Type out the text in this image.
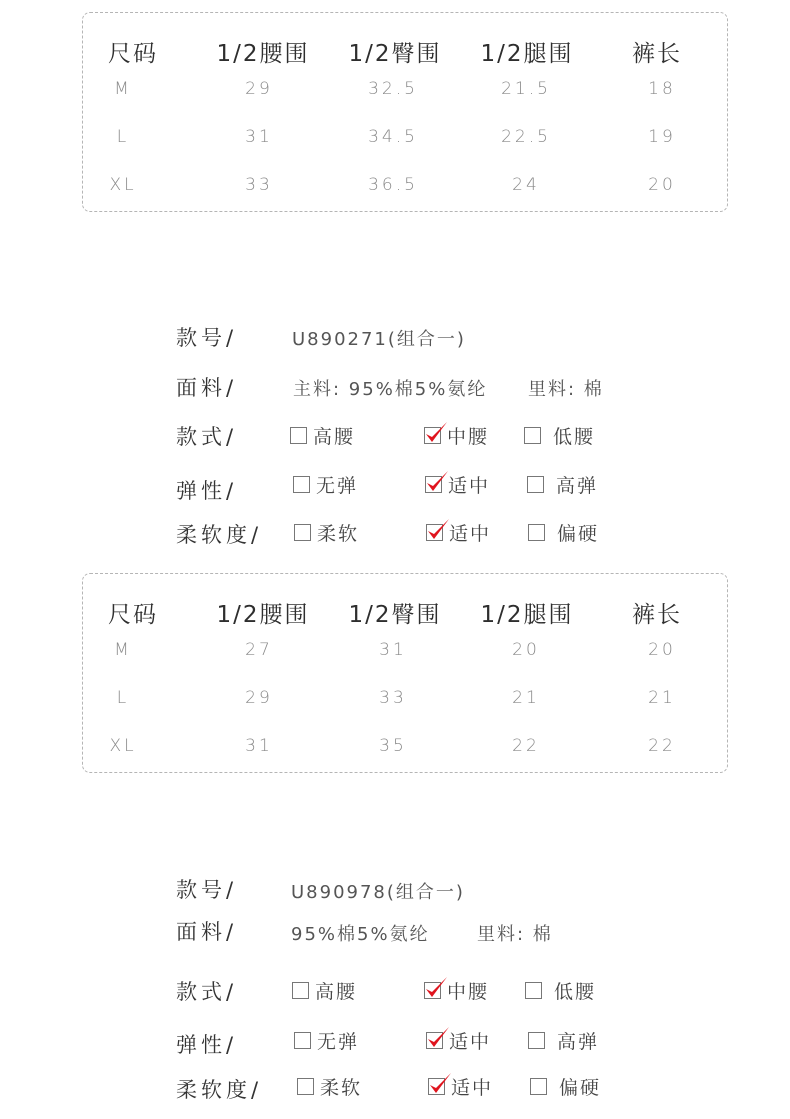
尺码	1/2腰围 1/2臀围 1/2腿围	裤长
M	29	32.5	21.5	18
L	31	34.5	22.5	19
XL	33	36.5	24	20
款号/	U890271(组合一)
面料/	主料: 95%棉5%氨纶 里料: 棉
款式/	高腰	中腰	低腰
弹性/	无弹	适中	高弹
柔软度/	柔软	适中	偏硬
尺码	1/2腰围 1/2臀围 1/2腿围	裤长
M	27	31	20	20
L	29	33	21	21
XL	31	35	22	22
款号/	U890978(组合一)
面料/	95%棉5%氨纶	里料: 棉
款式/	高腰	中腰	低腰
弹性/	无弹	适中	高弹
柔软度/	柔软	适中	偏硬
